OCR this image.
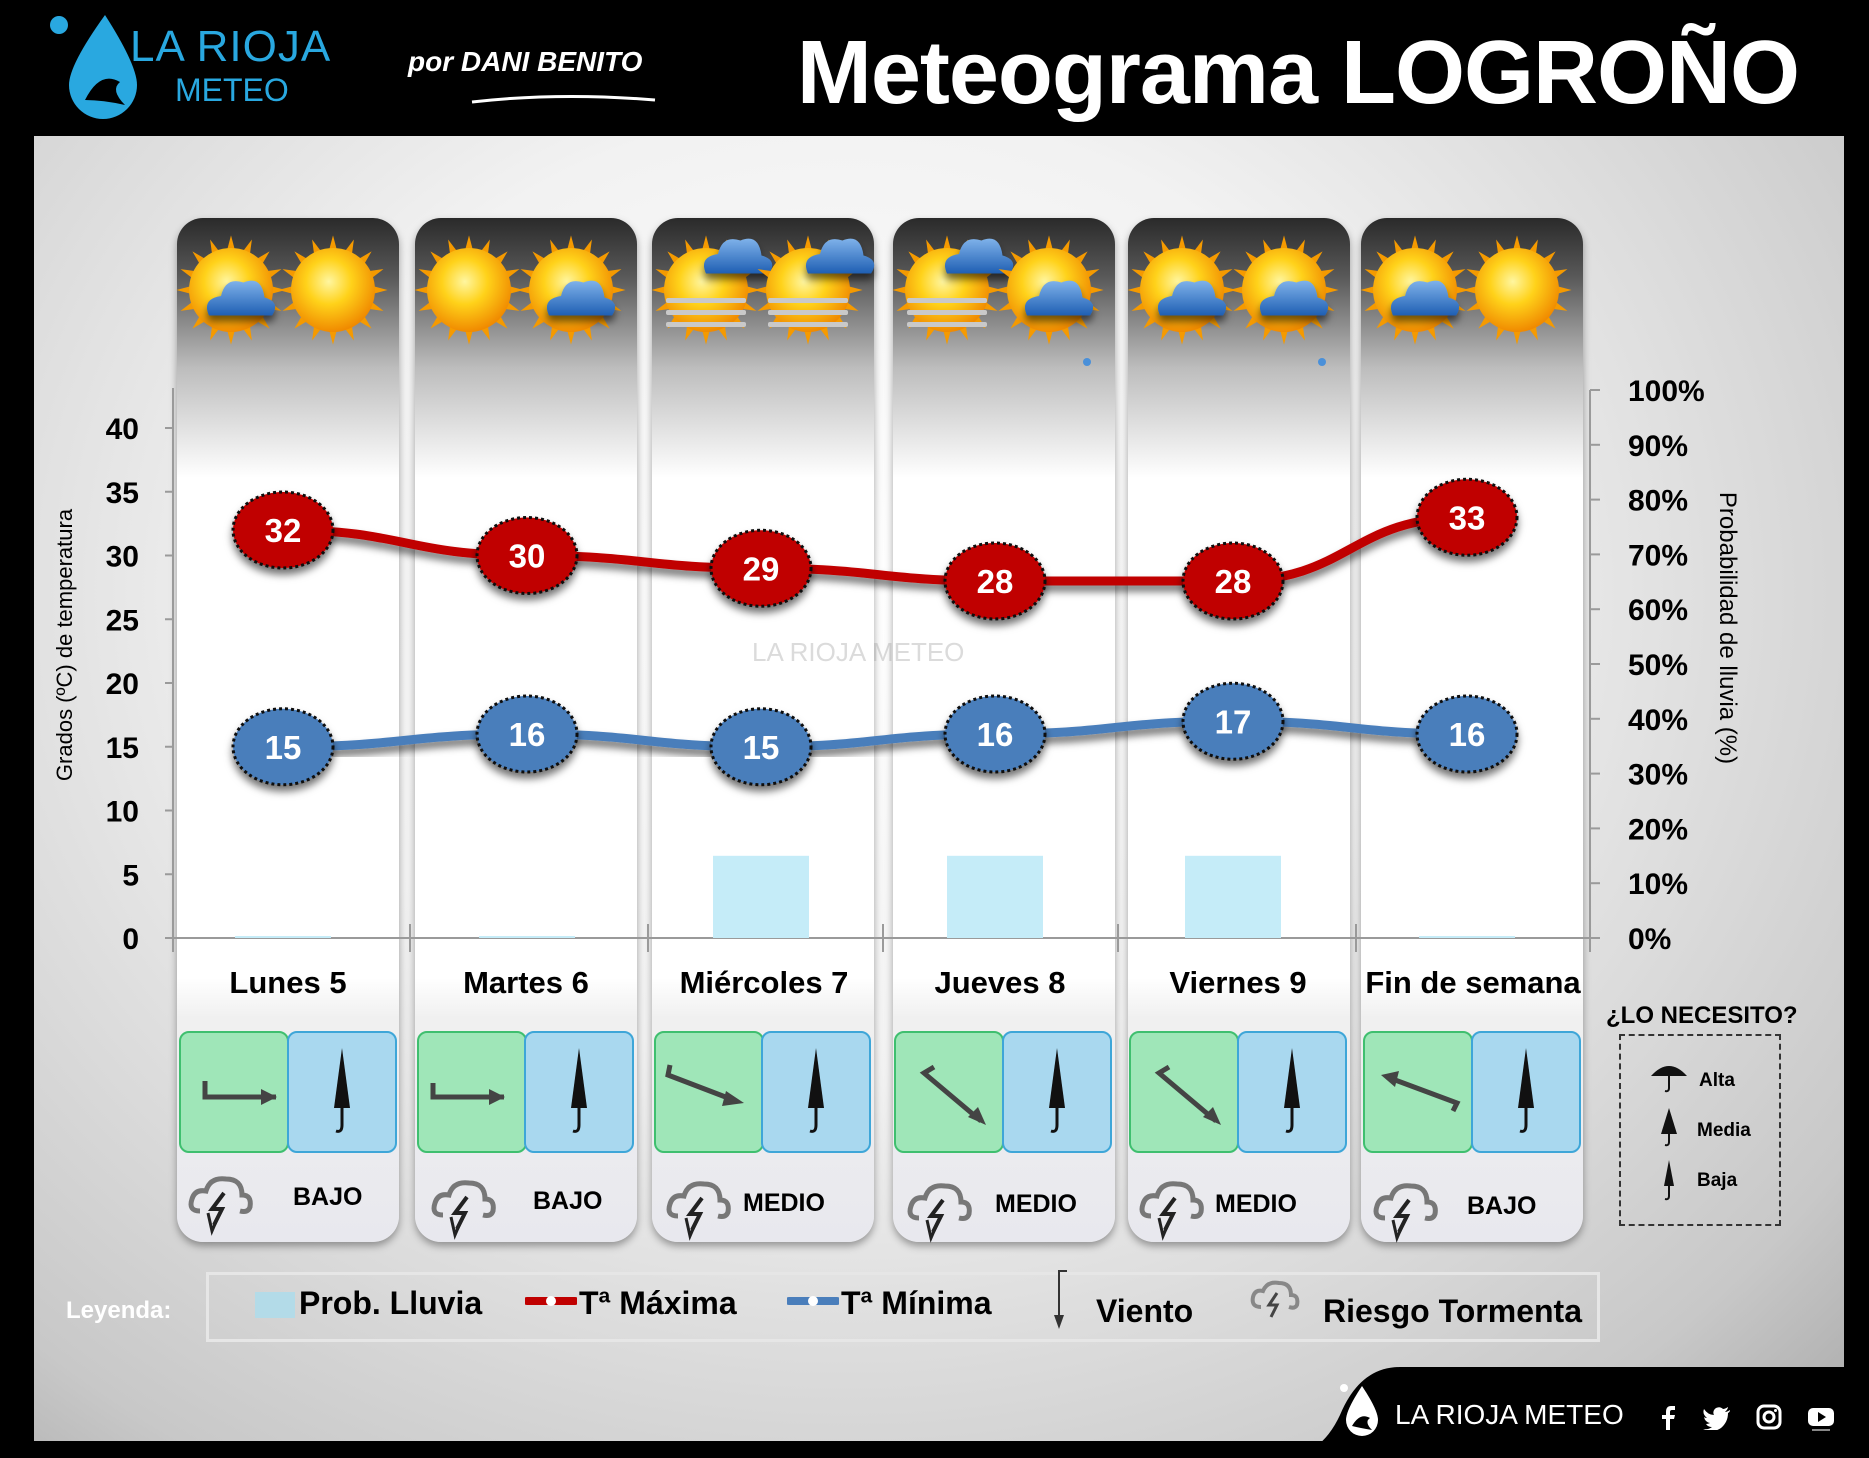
LA RIOJA
METEO
por DANI BENITO Meteograma LOGROÑO
0
5
10
15
20
25
30
35
40
0%
10%
20%
30%
40%
50%
60%
70%
80%
90%
100%
Grados (ºC) de temperatura	Probabilidad de lluvia (%)
LA RIOJA METEO
32
30	29	28	28
33
15	16	15	16	17	16
Lunes 5	Martes 6	Miércoles 7	Jueves 8	Viernes 9	Fin de semana
BAJO	BAJO	MEDIO	MEDIO	MEDIO	BAJO
¿LO NECESITO?
Alta
Media
Baja
Leyenda:	Prob. Lluvia	Tª Máxima	Tª Mínima	Viento	Riesgo Tormenta
LA RIOJA METEO
